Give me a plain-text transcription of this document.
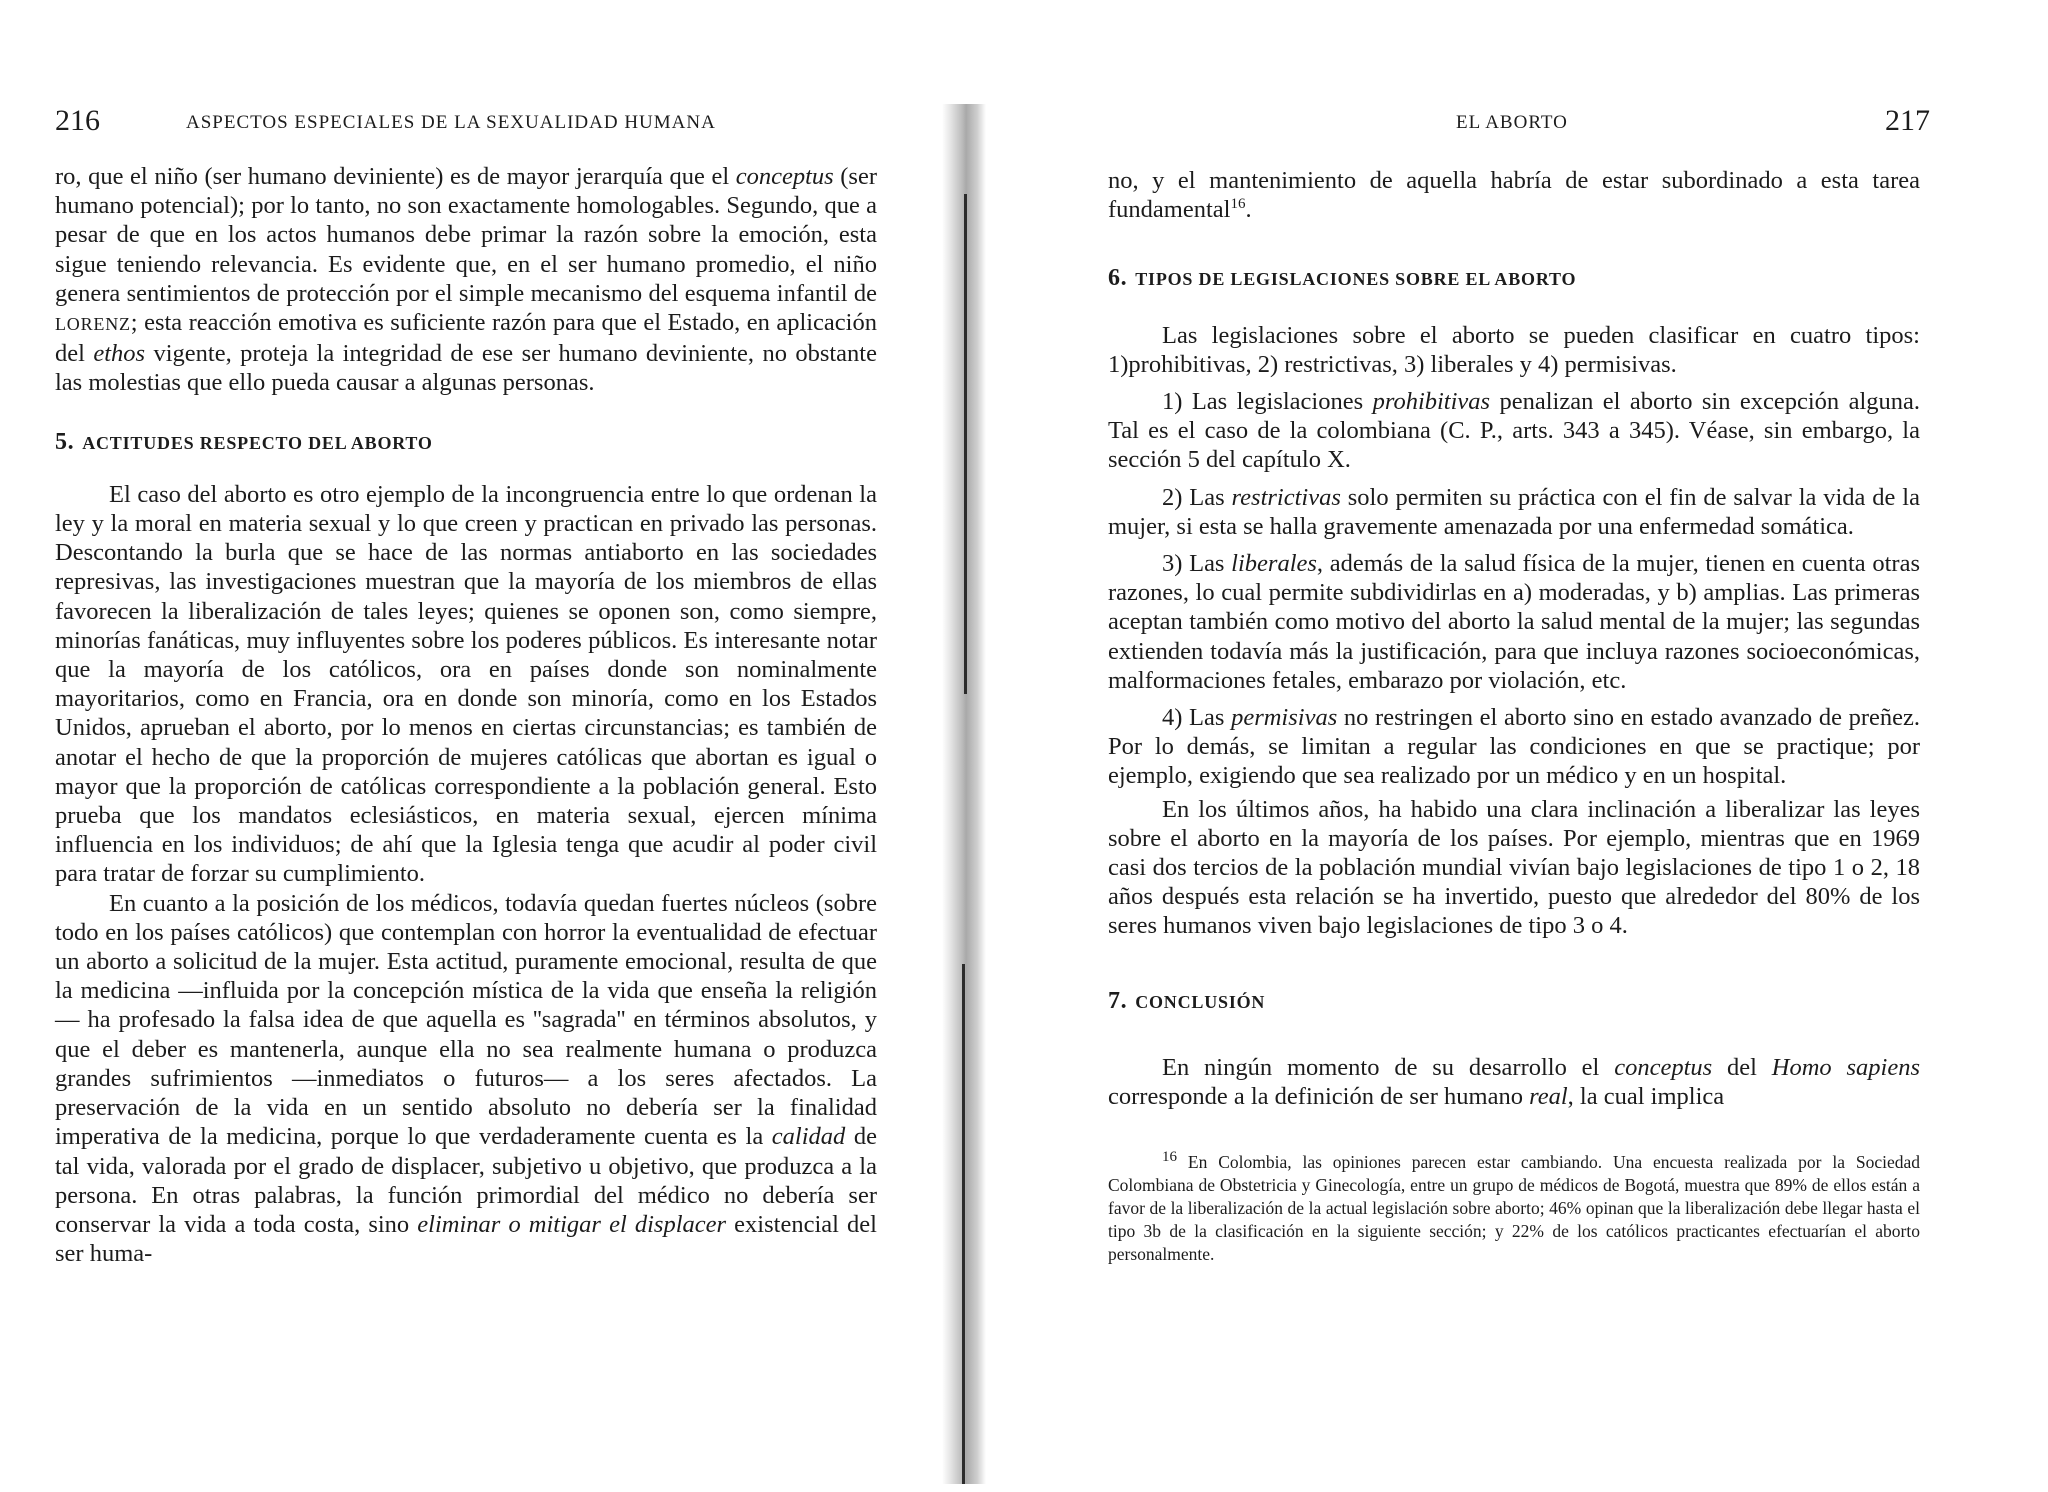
216	ASPECTOS ESPECIALES DE LA SEXUALIDAD HUMANA

ro, que el niño (ser humano deviniente) es de mayor jerarquía que el conceptus (ser humano potencial); por lo tanto, no son exactamente homologables. Segundo, que a pesar de que en los actos humanos debe primar la razón sobre la emoción, esta sigue teniendo relevancia. Es evidente que, en el ser humano promedio, el niño genera sentimientos de protección por el simple mecanismo del esquema infantil de LORENZ; esta reacción emotiva es suficiente razón para que el Estado, en aplicación del ethos vigente, proteja la integridad de ese ser humano deviniente, no obstante las molestias que ello pueda causar a algunas personas.

5. ACTITUDES RESPECTO DEL ABORTO

El caso del aborto es otro ejemplo de la incongruencia entre lo que ordenan la ley y la moral en materia sexual y lo que creen y practican en privado las personas. Descontando la burla que se hace de las normas antiaborto en las sociedades represivas, las investigaciones muestran que la mayoría de los miembros de ellas favorecen la liberalización de tales leyes; quienes se oponen son, como siempre, minorías fanáticas, muy influyentes sobre los poderes públicos. Es interesante notar que la mayoría de los católicos, ora en países donde son nominalmente mayoritarios, como en Francia, ora en donde son minoría, como en los Estados Unidos, aprueban el aborto, por lo menos en ciertas circunstancias; es también de anotar el hecho de que la proporción de mujeres católicas que abortan es igual o mayor que la proporción de católicas correspondiente a la población general. Esto prueba que los mandatos eclesiásticos, en materia sexual, ejercen mínima influencia en los individuos; de ahí que la Iglesia tenga que acudir al poder civil para tratar de forzar su cumplimiento.

En cuanto a la posición de los médicos, todavía quedan fuertes núcleos (sobre todo en los países católicos) que contemplan con horror la eventualidad de efectuar un aborto a solicitud de la mujer. Esta actitud, puramente emocional, resulta de que la medicina —influida por la concepción mística de la vida que enseña la religión— ha profesado la falsa idea de que aquella es ''sagrada'' en términos absolutos, y que el deber es mantenerla, aunque ella no sea realmente humana o produzca grandes sufrimientos —inmediatos o futuros— a los seres afectados. La preservación de la vida en un sentido absoluto no debería ser la finalidad imperativa de la medicina, porque lo que verdaderamente cuenta es la calidad de tal vida, valorada por el grado de displacer, subjetivo u objetivo, que produzca a la persona. En otras palabras, la función primordial del médico no debería ser conservar la vida a toda costa, sino eliminar o mitigar el displacer existencial del ser huma-

EL ABORTO	217

no, y el mantenimiento de aquella habría de estar subordinado a esta tarea fundamental$^{16}$.

6. TIPOS DE LEGISLACIONES SOBRE EL ABORTO

Las legislaciones sobre el aborto se pueden clasificar en cuatro tipos: 1)prohibitivas, 2) restrictivas, 3) liberales y 4) permisivas.

1) Las legislaciones prohibitivas penalizan el aborto sin excepción alguna. Tal es el caso de la colombiana (C. P., arts. 343 a 345). Véase, sin embargo, la sección 5 del capítulo X.

2) Las restrictivas solo permiten su práctica con el fin de salvar la vida de la mujer, si esta se halla gravemente amenazada por una enfermedad somática.

3) Las liberales, además de la salud física de la mujer, tienen en cuenta otras razones, lo cual permite subdividirlas en a) moderadas, y b) amplias. Las primeras aceptan también como motivo del aborto la salud mental de la mujer; las segundas extienden todavía más la justificación, para que incluya razones socioeconómicas, malformaciones fetales, embarazo por violación, etc.

4) Las permisivas no restringen el aborto sino en estado avanzado de preñez. Por lo demás, se limitan a regular las condiciones en que se practique; por ejemplo, exigiendo que sea realizado por un médico y en un hospital.

En los últimos años, ha habido una clara inclinación a liberalizar las leyes sobre el aborto en la mayoría de los países. Por ejemplo, mientras que en 1969 casi dos tercios de la población mundial vivían bajo legislaciones de tipo 1 o 2, 18 años después esta relación se ha invertido, puesto que alrededor del 80% de los seres humanos viven bajo legislaciones de tipo 3 o 4.

7. CONCLUSIÓN

En ningún momento de su desarrollo el conceptus del Homo sapiens corresponde a la definición de ser humano real, la cual implica

$^{16}$ En Colombia, las opiniones parecen estar cambiando. Una encuesta realizada por la Sociedad Colombiana de Obstetricia y Ginecología, entre un grupo de médicos de Bogotá, muestra que 89% de ellos están a favor de la liberalización de la actual legislación sobre aborto; 46% opinan que la liberalización debe llegar hasta el tipo 3b de la clasificación en la siguiente sección; y 22% de los católicos practicantes efectuarían el aborto personalmente.
